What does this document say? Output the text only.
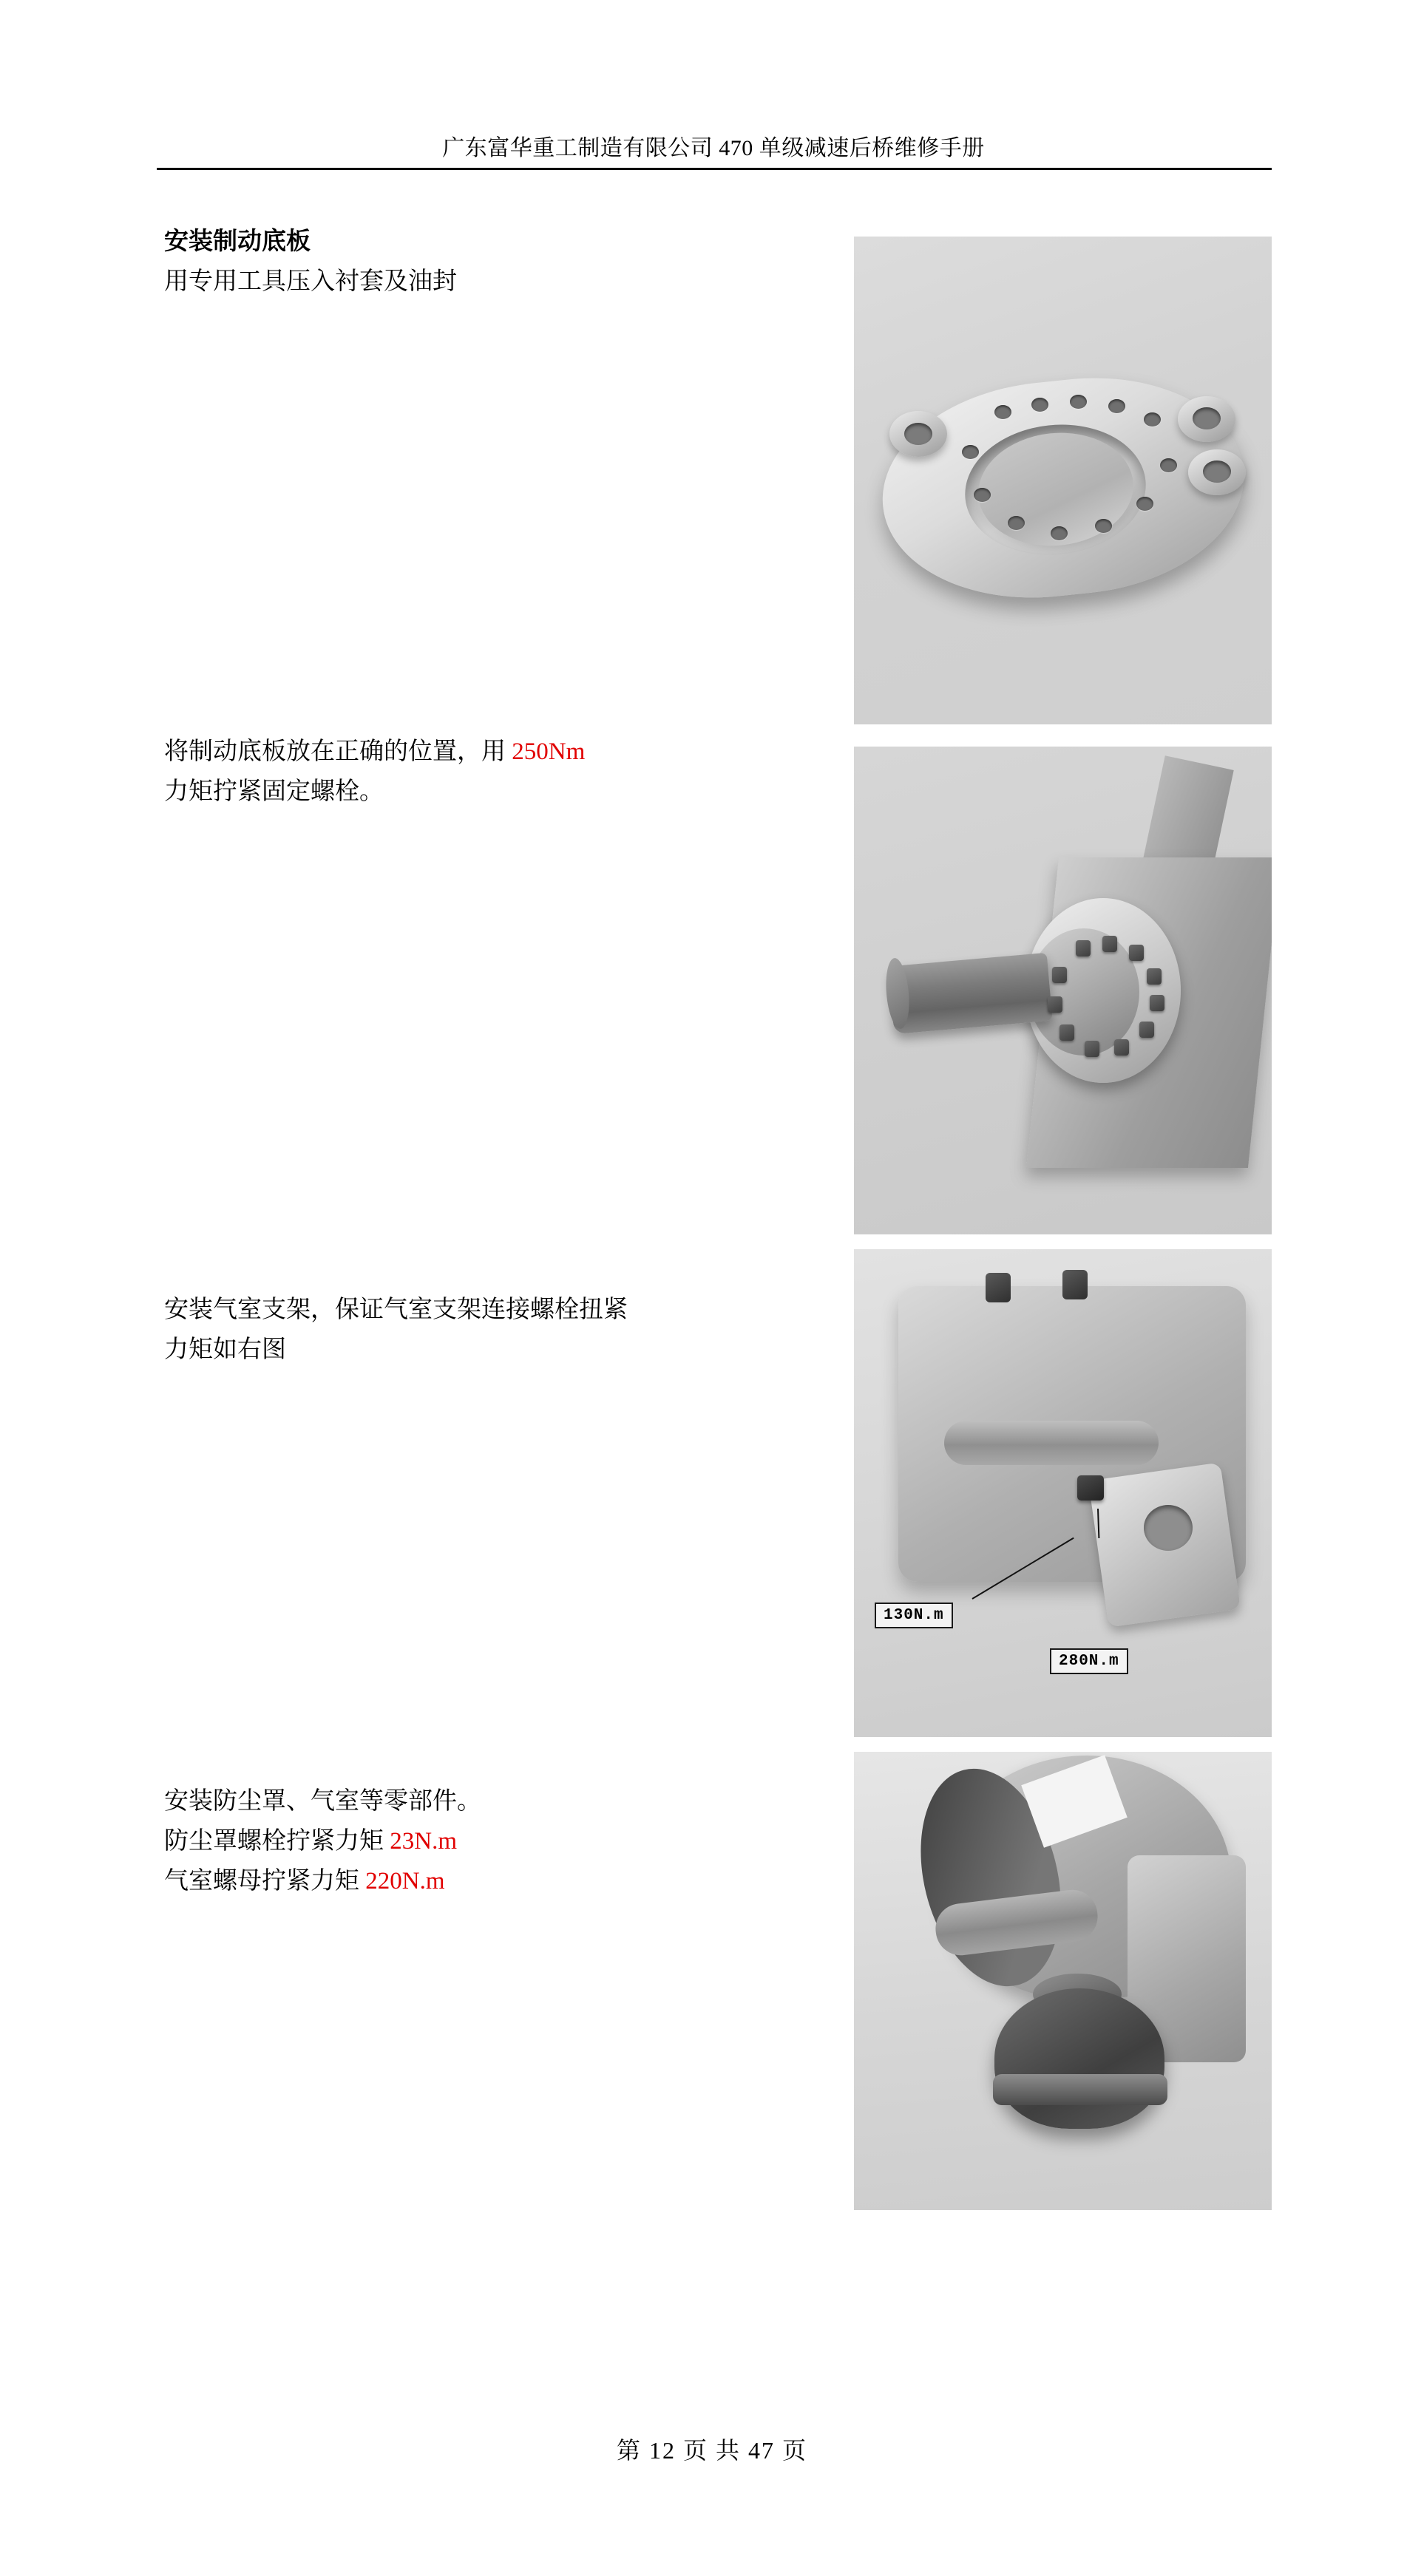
广东富华重工制造有限公司 470 单级减速后桥维修手册

安装制动底板

用专用工具压入衬套及油封

将制动底板放在正确的位置，用 250Nm

力矩拧紧固定螺栓。

安装气室支架，保证气室支架连接螺栓扭紧

力矩如右图

130N.m
280N.m

安装防尘罩、气室等零部件。

防尘罩螺栓拧紧力矩 23N.m

气室螺母拧紧力矩 220N.m

第 12 页 共 47 页
